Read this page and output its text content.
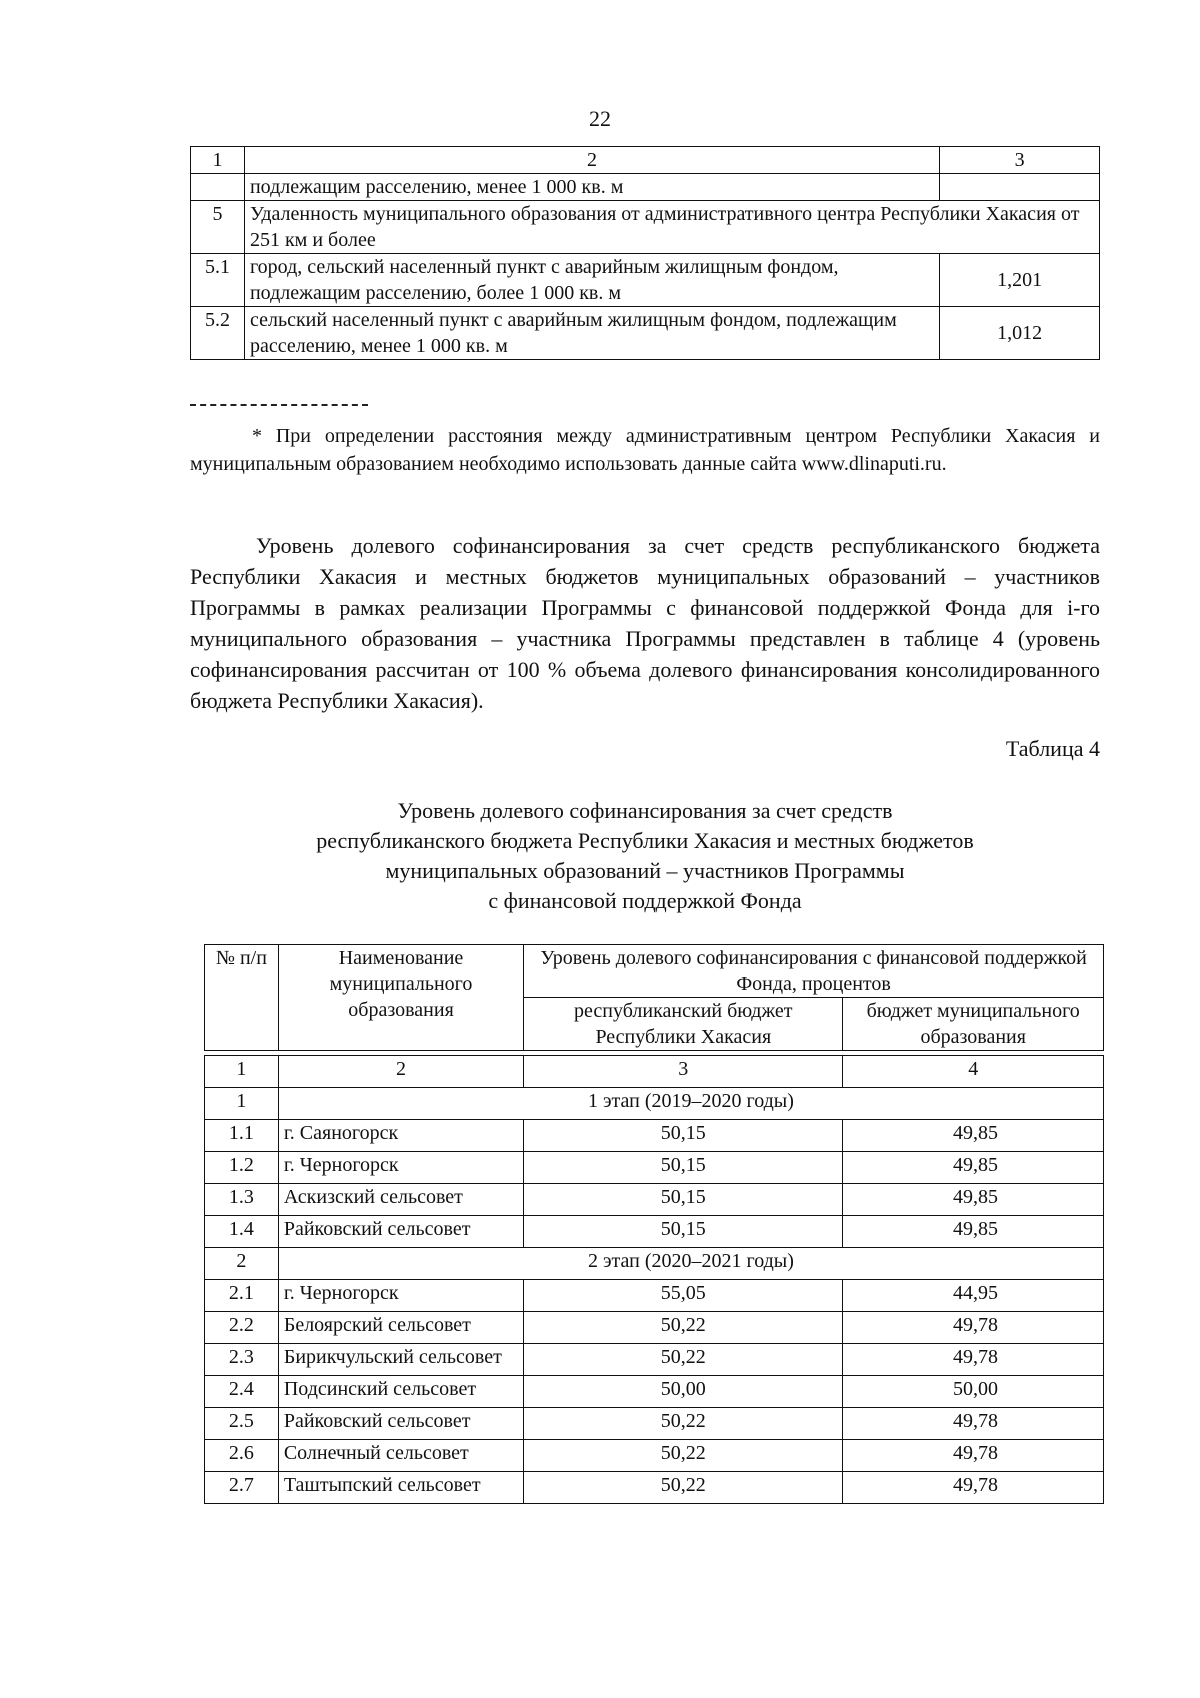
22
1	2	3
	подлежащим расселению, менее 1 000 кв. м	
5	Удаленность муниципального образования от административного центра Республики Хакасия от 251 км и более	
5.1	город, сельский населенный пункт с аварийным жилищным фондом, подлежащим расселению, более 1 000 кв. м	1,201
5.2	сельский населенный пункт с аварийным жилищным фондом, подлежащим расселению, менее 1 000 кв. м	1,012
* При определении расстояния между административным центром Республики Хакасия и муниципальным образованием необходимо использовать данные сайта www.dlinaputi.ru.
Уровень долевого софинансирования за счет средств республиканского бюджета Республики Хакасия и местных бюджетов муниципальных образований – участников Программы в рамках реализации Программы с финансовой поддержкой Фонда для i-го муниципального образования – участника Программы представлен в таблице 4 (уровень софинансирования рассчитан от 100 % объема долевого финансирования консолидированного бюджета Республики Хакасия).
Таблица 4
Уровень долевого софинансирования за счет средств
республиканского бюджета Республики Хакасия и местных бюджетов
муниципальных образований – участников Программы
с финансовой поддержкой Фонда
№ п/п	Наименование муниципального образования	Уровень долевого софинансирования с финансовой поддержкой Фонда, процентов	
		республиканский бюджет Республики Хакасия	бюджет муниципального образования

1	2	3	4
1	1 этап (2019–2020 годы)		
1.1	г. Саяногорск	50,15	49,85
1.2	г. Черногорск	50,15	49,85
1.3	Аскизский сельсовет	50,15	49,85
1.4	Райковский сельсовет	50,15	49,85
2	2 этап (2020–2021 годы)		
2.1	г. Черногорск	55,05	44,95
2.2	Белоярский сельсовет	50,22	49,78
2.3	Бирикчульский сельсовет	50,22	49,78
2.4	Подсинский сельсовет	50,00	50,00
2.5	Райковский сельсовет	50,22	49,78
2.6	Солнечный сельсовет	50,22	49,78
2.7	Таштыпский сельсовет	50,22	49,78
